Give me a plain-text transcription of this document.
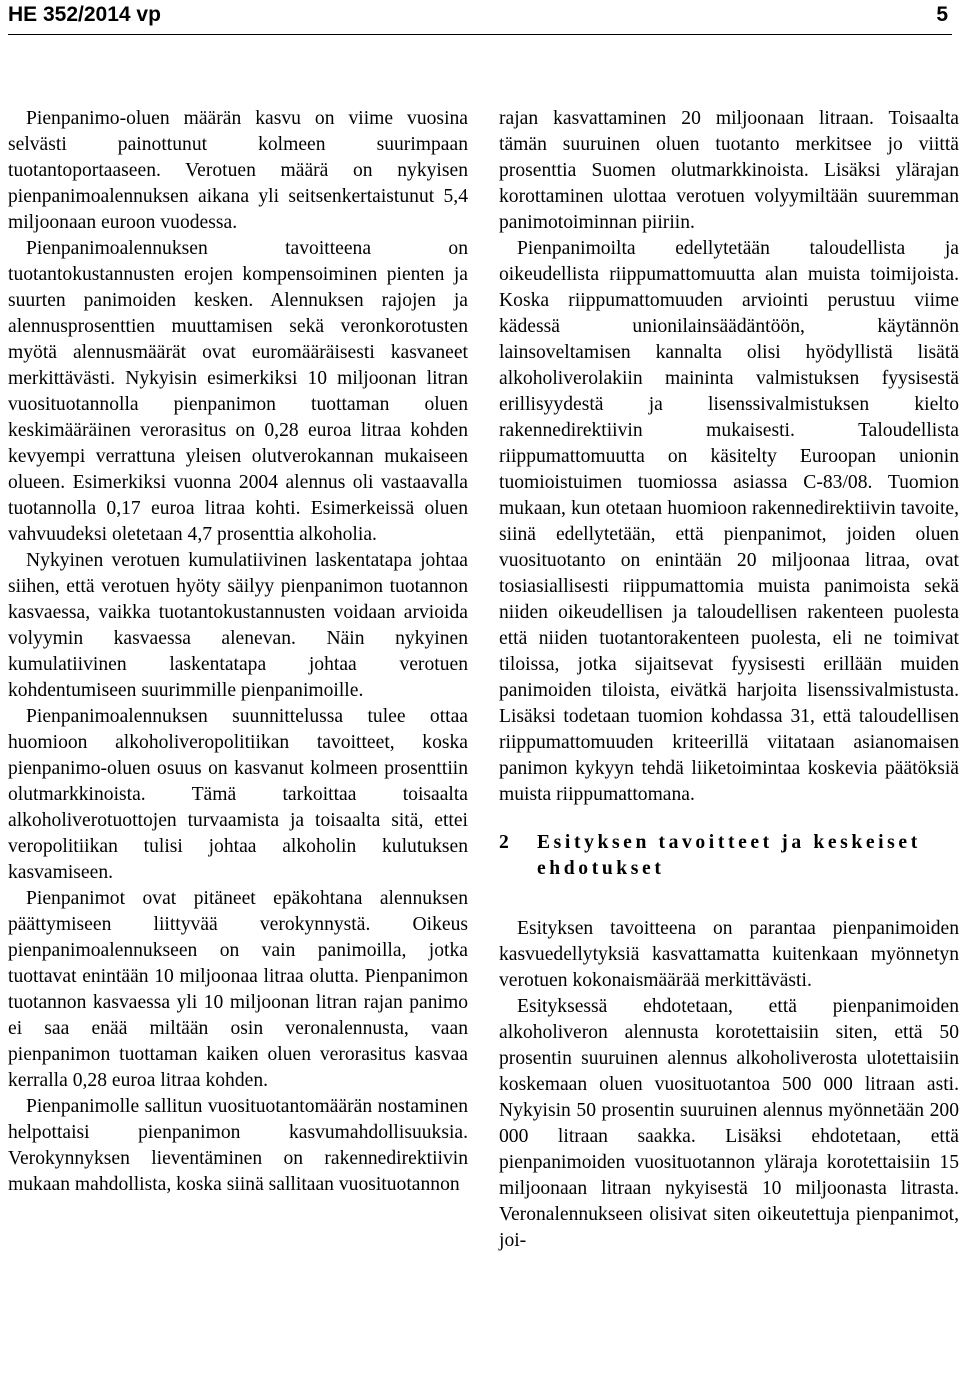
HE 352/2014 vp	5

Pienpanimo-oluen määrän kasvu on viime vuosina selvästi painottunut kolmeen suurimpaan tuotantoportaaseen. Verotuen määrä on nykyisen pienpanimoalennuksen aikana yli seitsenkertaistunut 5,4 miljoonaan euroon vuodessa.

Pienpanimoalennuksen tavoitteena on tuotantokustannusten erojen kompensoiminen pienten ja suurten panimoiden kesken. Alennuksen rajojen ja alennusprosenttien muuttamisen sekä veronkorotusten myötä alennusmäärät ovat euromääräisesti kasvaneet merkittävästi. Nykyisin esimerkiksi 10 miljoonan litran vuosituotannolla pienpanimon tuottaman oluen keskimääräinen verorasitus on 0,28 euroa litraa kohden kevyempi verrattuna yleisen olutverokannan mukaiseen olueen. Esimerkiksi vuonna 2004 alennus oli vastaavalla tuotannolla 0,17 euroa litraa kohti. Esimerkeissä oluen vahvuudeksi oletetaan 4,7 prosenttia alkoholia.

Nykyinen verotuen kumulatiivinen laskentatapa johtaa siihen, että verotuen hyöty säilyy pienpanimon tuotannon kasvaessa, vaikka tuotantokustannusten voidaan arvioida volyymin kasvaessa alenevan. Näin nykyinen kumulatiivinen laskentatapa johtaa verotuen kohdentumiseen suurimmille pienpanimoille.

Pienpanimoalennuksen suunnittelussa tulee ottaa huomioon alkoholiveropolitiikan tavoitteet, koska pienpanimo-oluen osuus on kasvanut kolmeen prosenttiin olutmarkkinoista. Tämä tarkoittaa toisaalta alkoholiverotuottojen turvaamista ja toisaalta sitä, ettei veropolitiikan tulisi johtaa alkoholin kulutuksen kasvamiseen.

Pienpanimot ovat pitäneet epäkohtana alennuksen päättymiseen liittyvää verokynnystä. Oikeus pienpanimoalennukseen on vain panimoilla, jotka tuottavat enintään 10 miljoonaa litraa olutta. Pienpanimon tuotannon kasvaessa yli 10 miljoonan litran rajan panimo ei saa enää miltään osin veronalennusta, vaan pienpanimon tuottaman kaiken oluen verorasitus kasvaa kerralla 0,28 euroa litraa kohden.

Pienpanimolle sallitun vuosituotantomäärän nostaminen helpottaisi pienpanimon kasvumahdollisuuksia. Verokynnyksen lieventäminen on rakennedirektiivin mukaan mahdollista, koska siinä sallitaan vuosituotannon

rajan kasvattaminen 20 miljoonaan litraan. Toisaalta tämän suuruinen oluen tuotanto merkitsee jo viittä prosenttia Suomen olutmarkkinoista. Lisäksi ylärajan korottaminen ulottaa verotuen volyymiltään suuremman panimotoiminnan piiriin.

Pienpanimoilta edellytetään taloudellista ja oikeudellista riippumattomuutta alan muista toimijoista. Koska riippumattomuuden arviointi perustuu viime kädessä unionilainsäädäntöön, käytännön lainsoveltamisen kannalta olisi hyödyllistä lisätä alkoholiverolakiin maininta valmistuksen fyysisestä erillisyydestä ja lisenssivalmistuksen kielto rakennedirektiivin mukaisesti. Taloudellista riippumattomuutta on käsitelty Euroopan unionin tuomioistuimen tuomiossa asiassa C-83/08. Tuomion mukaan, kun otetaan huomioon rakennedirektiivin tavoite, siinä edellytetään, että pienpanimot, joiden oluen vuosituotanto on enintään 20 miljoonaa litraa, ovat tosiasiallisesti riippumattomia muista panimoista sekä niiden oikeudellisen ja taloudellisen rakenteen puolesta että niiden tuotantorakenteen puolesta, eli ne toimivat tiloissa, jotka sijaitsevat fyysisesti erillään muiden panimoiden tiloista, eivätkä harjoita lisenssivalmistusta. Lisäksi todetaan tuomion kohdassa 31, että taloudellisen riippumattomuuden kriteerillä viitataan asianomaisen panimon kykyyn tehdä liiketoimintaa koskevia päätöksiä muista riippumattomana.

2 Esityksen tavoitteet ja keskeiset ehdotukset

Esityksen tavoitteena on parantaa pienpanimoiden kasvuedellytyksiä kasvattamatta kuitenkaan myönnetyn verotuen kokonaismäärää merkittävästi.

Esityksessä ehdotetaan, että pienpanimoiden alkoholiveron alennusta korotettaisiin siten, että 50 prosentin suuruinen alennus alkoholiverosta ulotettaisiin koskemaan oluen vuosituotantoa 500 000 litraan asti. Nykyisin 50 prosentin suuruinen alennus myönnetään 200 000 litraan saakka. Lisäksi ehdotetaan, että pienpanimoiden vuosituotannon yläraja korotettaisiin 15 miljoonaan litraan nykyisestä 10 miljoonasta litrasta. Veronalennukseen olisivat siten oikeutettuja pienpanimot, joi-
